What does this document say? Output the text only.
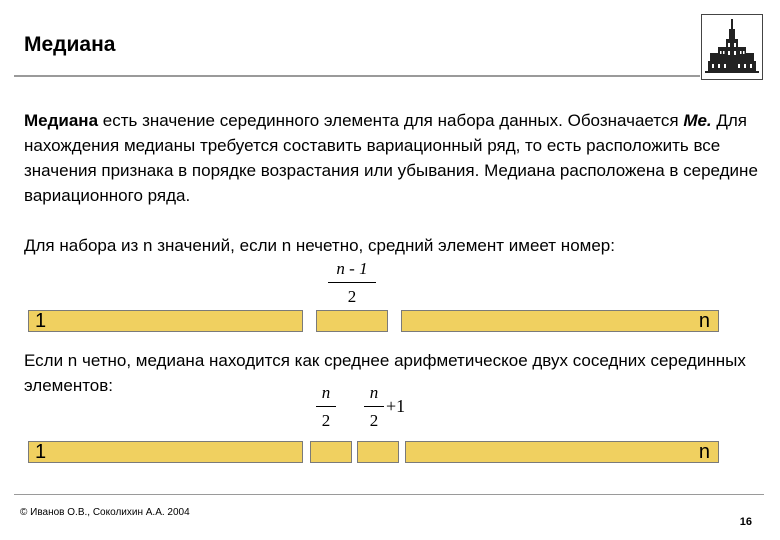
Медиана
Медиана есть значение серединного элемента для набора данных. Обозначается Me. Для нахождения медианы требуется составить вариационный ряд, то есть расположить все значения признака в порядке возрастания или убывания. Медиана расположена в середине вариационного ряда.
Для набора из n значений, если n нечетно, средний элемент имеет номер:
n - 1
2
1	n
Если n четно, медиана находится как среднее арифметическое двух соседних серединных элементов:	n
2
n
2
+1
1	n
© Иванов О.В., Соколихин А.А. 2004
16
